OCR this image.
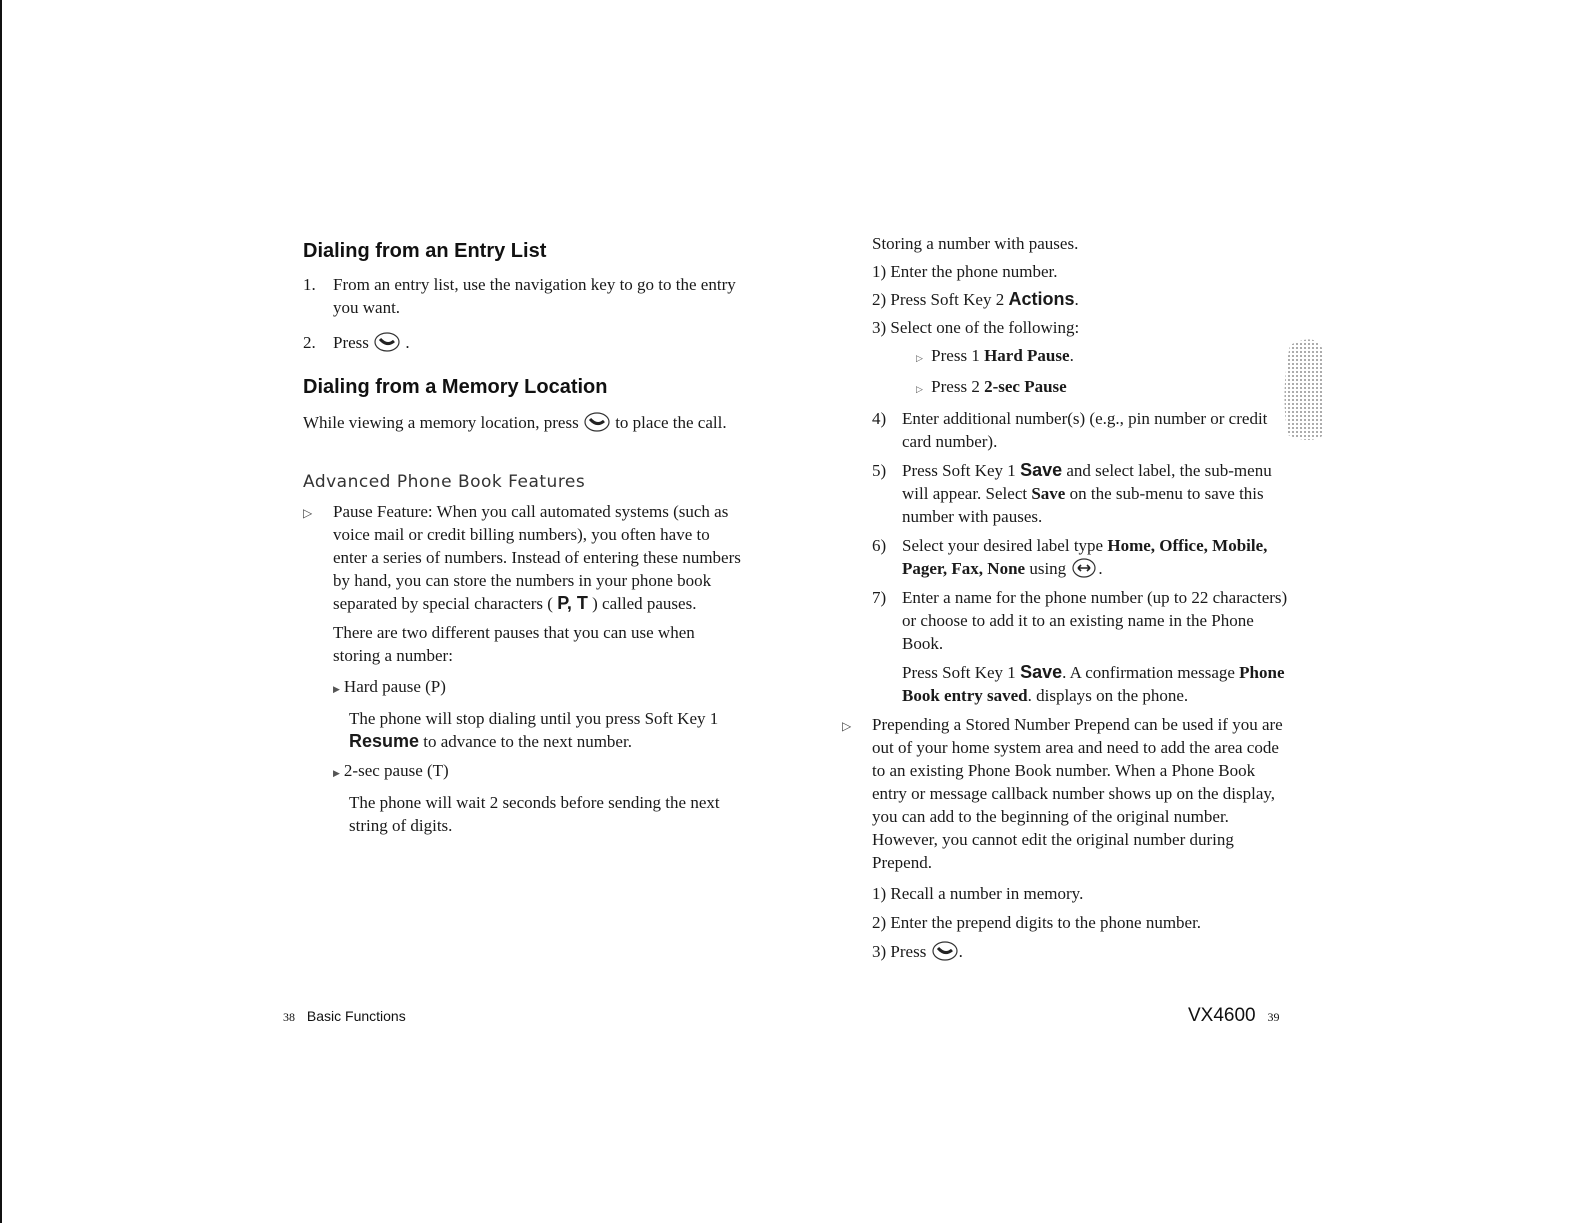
Dialing from an Entry List
1.	From an entry list, use the navigation key to go to the entry you want.
2.	Press .
Dialing from a Memory Location

While viewing a memory location, press to place the call.

Advanced Phone Book Features
▷	Pause Feature: When you call automated systems (such as voice mail or credit billing numbers), you often have to enter a series of numbers. Instead of entering these numbers by hand, you can store the numbers in your phone book separated by special characters ( P, T ) called pauses.
There are two different pauses that you can use when storing a number:
▶ Hard pause (P)
The phone will stop dialing until you press Soft Key 1 Resume to advance to the next number.
▶ 2-sec pause (T)
The phone will wait 2 seconds before sending the next string of digits.
Storing a number with pauses.
1) Enter the phone number.
2) Press Soft Key 2 Actions.
3) Select one of the following:
▷ Press 1 Hard Pause.
▷ Press 2 2-sec Pause
4) Enter additional number(s) (e.g., pin number or credit card number).
5) Press Soft Key 1 Save and select label, the sub-menu will appear. Select Save on the sub-menu to save this number with pauses.
6) Select your desired label type Home, Office, Mobile, Pager, Fax, None using .
7) Enter a name for the phone number (up to 22 characters) or choose to add it to an existing name in the Phone Book.
Press Soft Key 1 Save. A confirmation message Phone Book entry saved. displays on the phone.
▷	Prepending a Stored Number Prepend can be used if you are out of your home system area and need to add the area code to an existing Phone Book number. When a Phone Book entry or message callback number shows up on the display, you can add to the beginning of the original number. However, you cannot edit the original number during Prepend.
1) Recall a number in memory.
2) Enter the prepend digits to the phone number.
3) Press .
38 Basic Functions	VX4600 39
